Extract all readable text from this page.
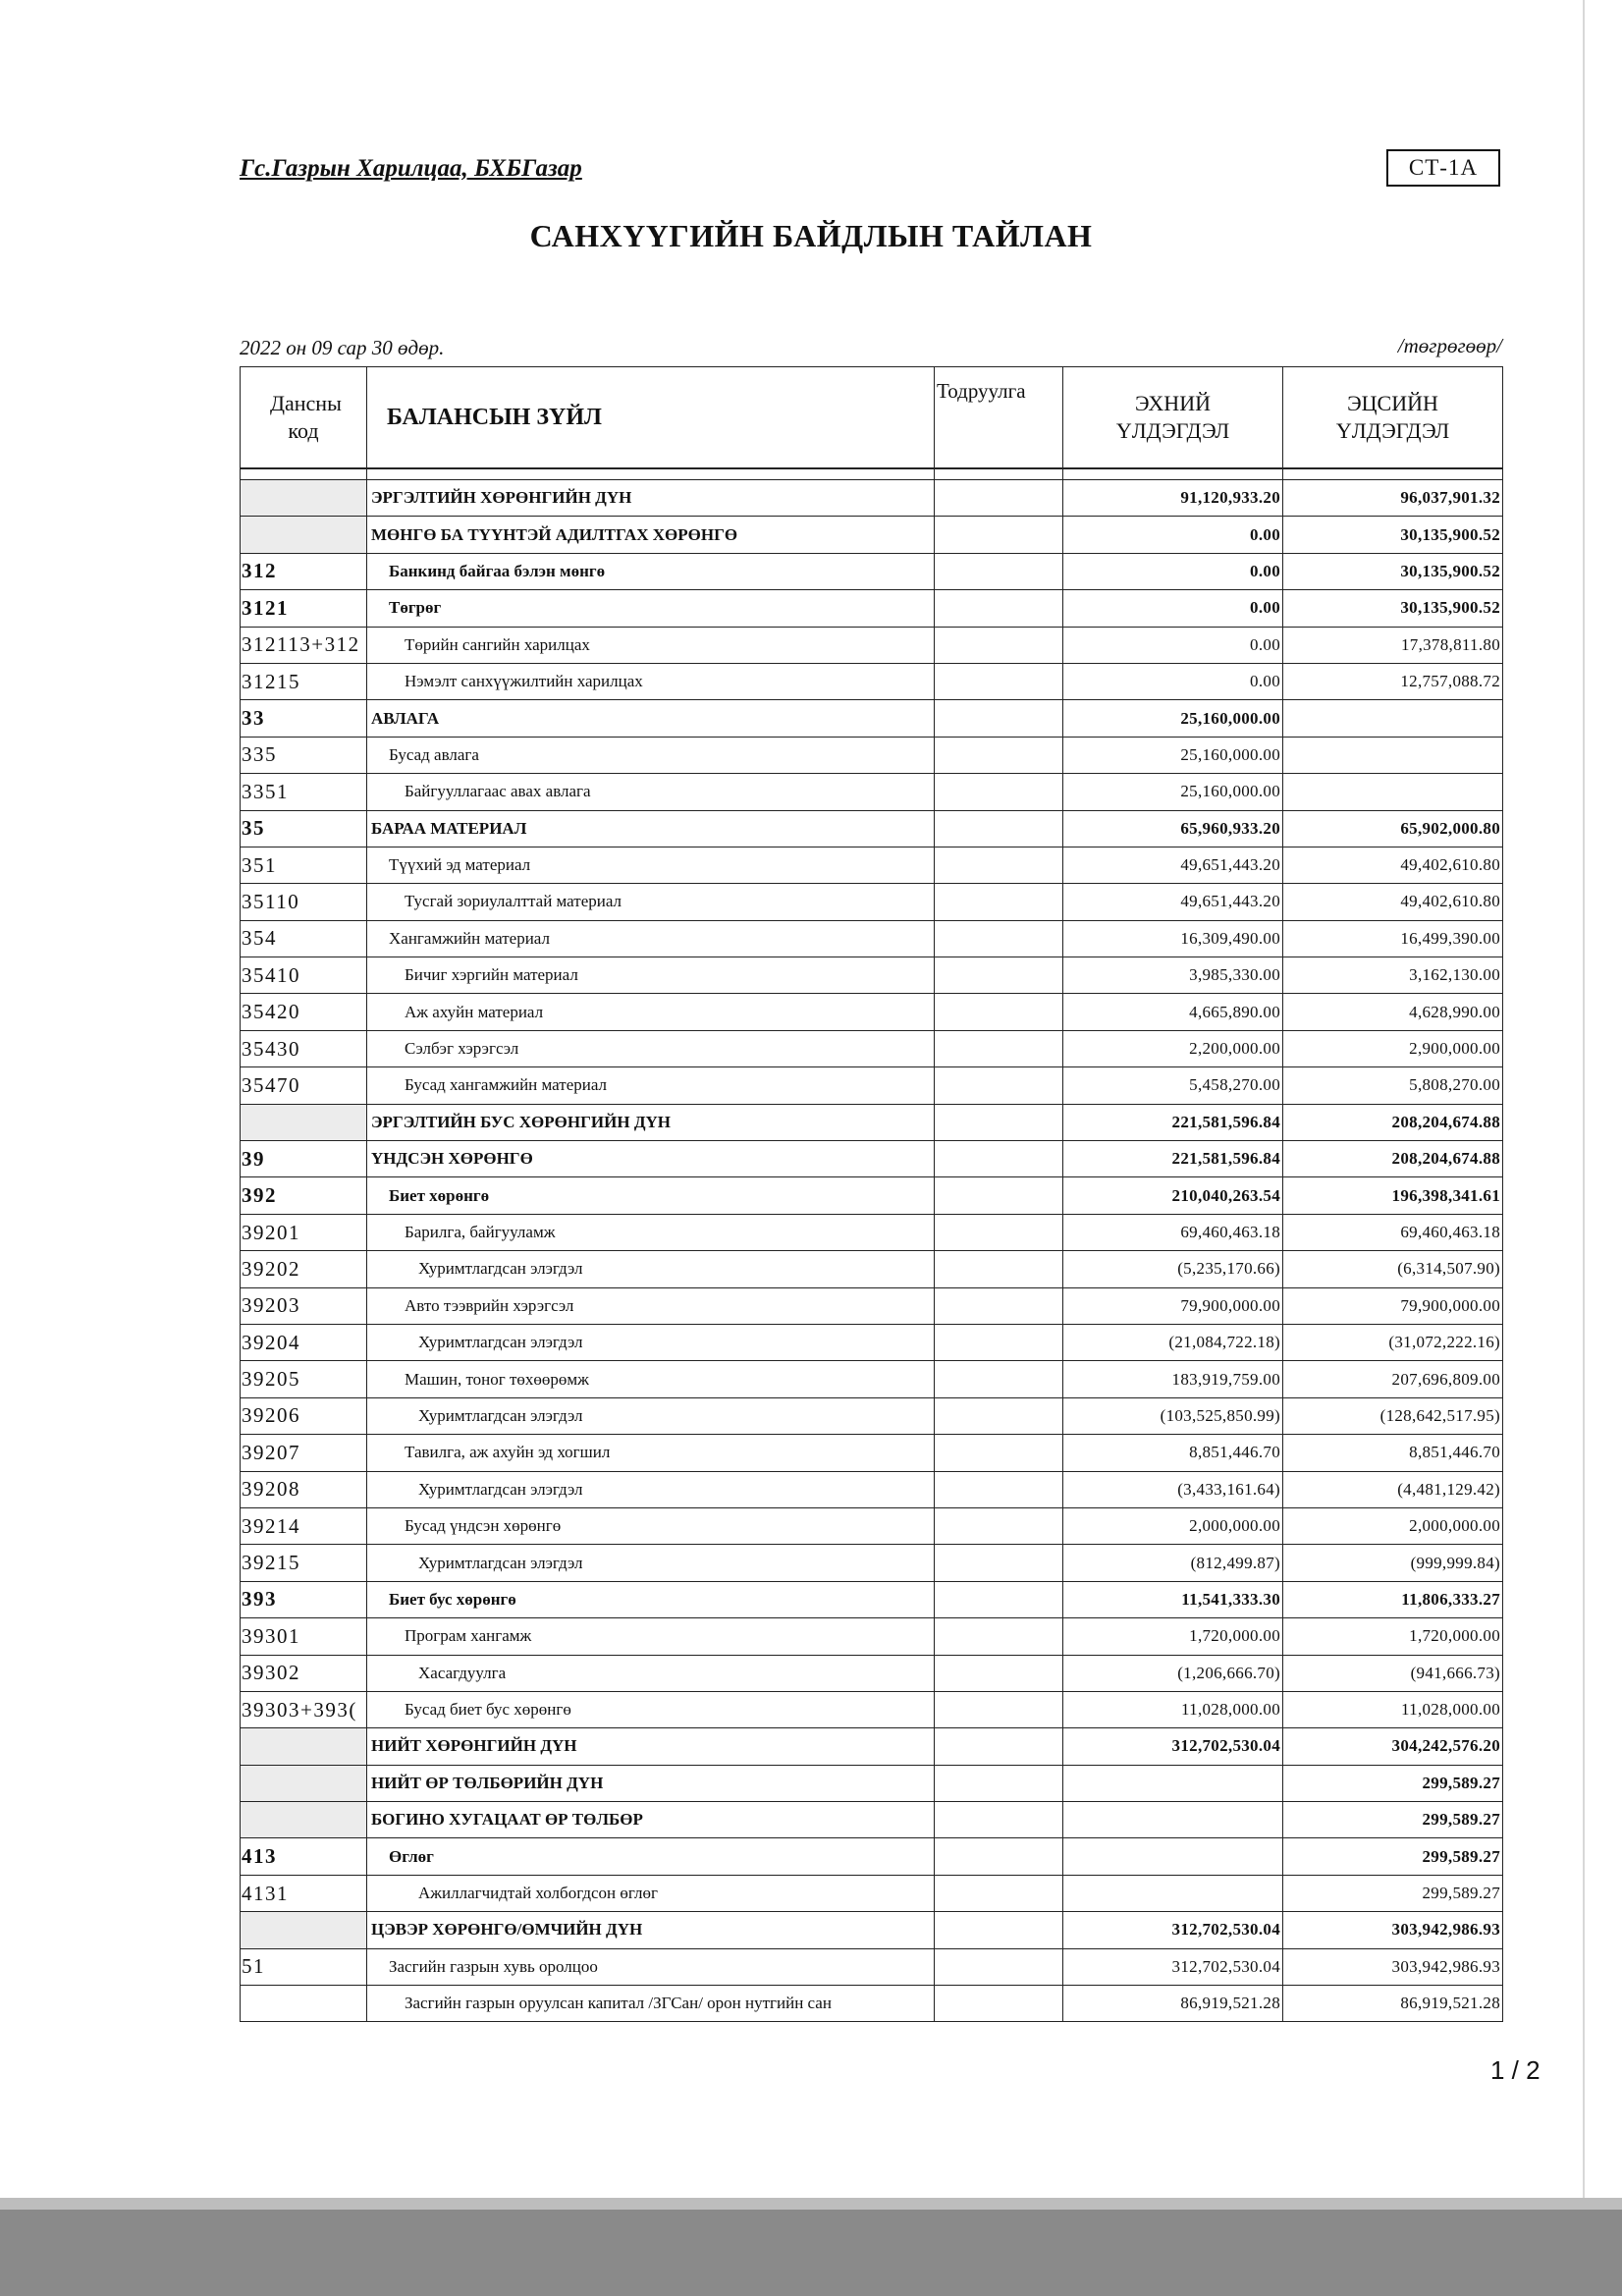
Гс.Газрын Харилцаа, БХБГазар	СТ-1А
САНХҮҮГИЙН БАЙДЛЫН ТАЙЛАН
2022 он 09 сар 30 өдөр.	/төгрөгөөр/
Дансны код	БАЛАНСЫН ЗҮЙЛ	Тодруулга	ЭХНИЙ ҮЛДЭГДЭЛ	ЭЦСИЙН ҮЛДЭГДЭЛ

	ЭРГЭЛТИЙН ХӨРӨНГИЙН ДҮН		91,120,933.20	96,037,901.32
	МӨНГӨ БА ТҮҮНТЭЙ АДИЛТГАХ ХӨРӨНГӨ		0.00	30,135,900.52
312	Банкинд байгаа бэлэн мөнгө		0.00	30,135,900.52
3121	Төгрөг		0.00	30,135,900.52
312113+312	Төрийн сангийн харилцах		0.00	17,378,811.80
31215	Нэмэлт санхүүжилтийн харилцах		0.00	12,757,088.72
33	АВЛАГА		25,160,000.00	
335	Бусад авлага		25,160,000.00	
3351	Байгууллагаас авах авлага		25,160,000.00	
35	БАРАА МАТЕРИАЛ		65,960,933.20	65,902,000.80
351	Түүхий эд материал		49,651,443.20	49,402,610.80
35110	Тусгай зориулалттай материал		49,651,443.20	49,402,610.80
354	Хангамжийн материал		16,309,490.00	16,499,390.00
35410	Бичиг хэргийн материал		3,985,330.00	3,162,130.00
35420	Аж ахуйн материал		4,665,890.00	4,628,990.00
35430	Сэлбэг хэрэгсэл		2,200,000.00	2,900,000.00
35470	Бусад хангамжийн материал		5,458,270.00	5,808,270.00
	ЭРГЭЛТИЙН БУС ХӨРӨНГИЙН ДҮН		221,581,596.84	208,204,674.88
39	ҮНДСЭН ХӨРӨНГӨ		221,581,596.84	208,204,674.88
392	Биет хөрөнгө		210,040,263.54	196,398,341.61
39201	Барилга, байгууламж		69,460,463.18	69,460,463.18
39202	Хуримтлагдсан элэгдэл		(5,235,170.66)	(6,314,507.90)
39203	Авто тээврийн хэрэгсэл		79,900,000.00	79,900,000.00
39204	Хуримтлагдсан элэгдэл		(21,084,722.18)	(31,072,222.16)
39205	Машин, тоног төхөөрөмж		183,919,759.00	207,696,809.00
39206	Хуримтлагдсан элэгдэл		(103,525,850.99)	(128,642,517.95)
39207	Тавилга, аж ахуйн эд хогшил		8,851,446.70	8,851,446.70
39208	Хуримтлагдсан элэгдэл		(3,433,161.64)	(4,481,129.42)
39214	Бусад үндсэн хөрөнгө		2,000,000.00	2,000,000.00
39215	Хуримтлагдсан элэгдэл		(812,499.87)	(999,999.84)
393	Биет бус хөрөнгө		11,541,333.30	11,806,333.27
39301	Програм хангамж		1,720,000.00	1,720,000.00
39302	Хасагдуулга		(1,206,666.70)	(941,666.73)
39303+393(	Бусад биет бус хөрөнгө		11,028,000.00	11,028,000.00
	НИЙТ ХӨРӨНГИЙН ДҮН		312,702,530.04	304,242,576.20
	НИЙТ ӨР ТӨЛБӨРИЙН ДҮН			299,589.27
	БОГИНО ХУГАЦААТ ӨР ТӨЛБӨР			299,589.27
413	Өглөг			299,589.27
4131	Ажиллагчидтай холбогдсон өглөг			299,589.27
	ЦЭВЭР ХӨРӨНГӨ/ӨМЧИЙН ДҮН		312,702,530.04	303,942,986.93
51	Засгийн газрын хувь оролцоо		312,702,530.04	303,942,986.93
	Засгийн газрын оруулсан капитал /ЗГСан/ орон нутгийн сан		86,919,521.28	86,919,521.28
1 / 2
